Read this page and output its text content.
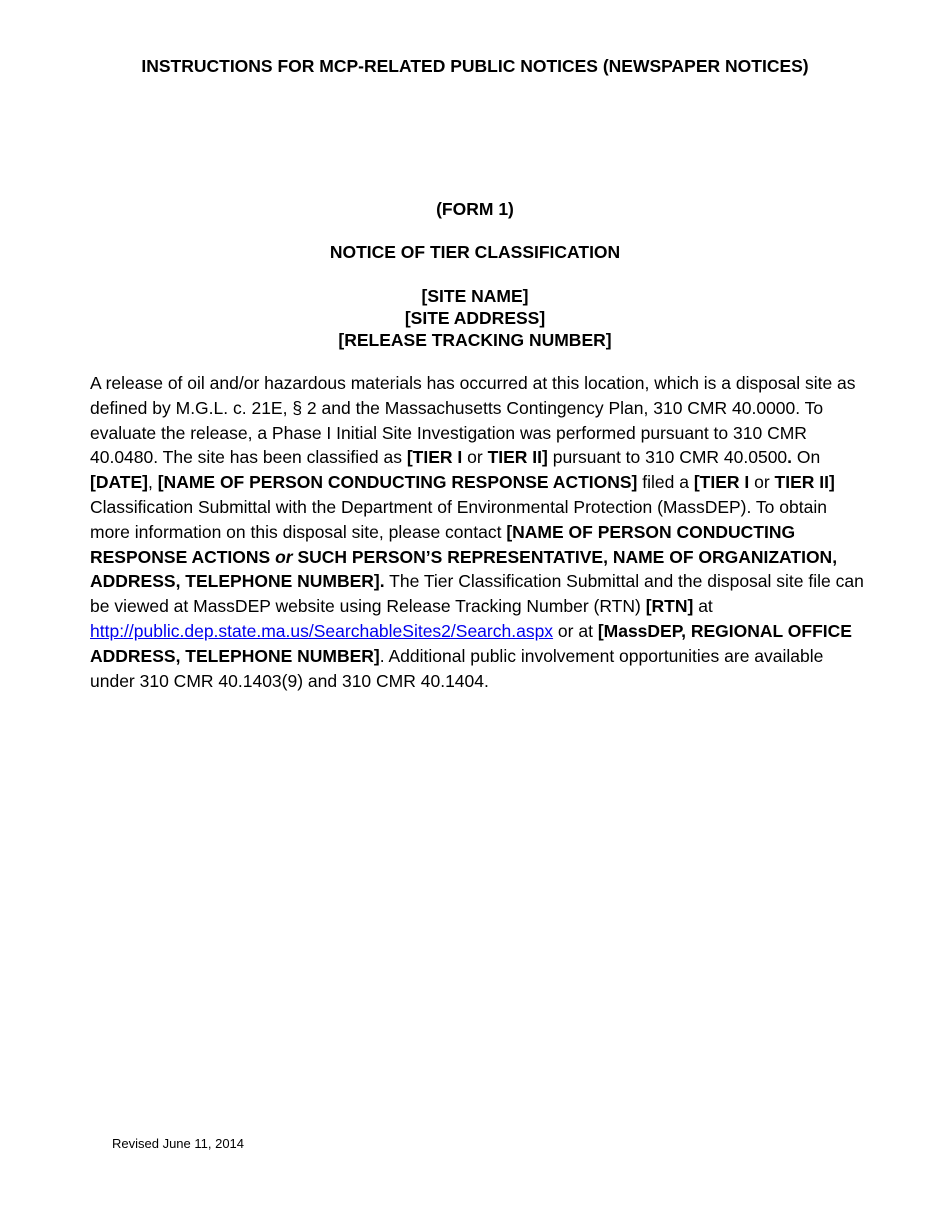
INSTRUCTIONS FOR MCP-RELATED PUBLIC NOTICES (NEWSPAPER NOTICES)

(FORM 1)

NOTICE OF TIER CLASSIFICATION

[SITE NAME]
[SITE ADDRESS]
[RELEASE TRACKING NUMBER]

A release of oil and/or hazardous materials has occurred at this location, which is a disposal site as defined by M.G.L. c. 21E, § 2 and the Massachusetts Contingency Plan, 310 CMR 40.0000. To evaluate the release, a Phase I Initial Site Investigation was performed pursuant to 310 CMR 40.0480. The site has been classified as [TIER I or TIER II] pursuant to 310 CMR 40.0500. On [DATE], [NAME OF PERSON CONDUCTING RESPONSE ACTIONS] filed a [TIER I or TIER II] Classification Submittal with the Department of Environmental Protection (MassDEP). To obtain more information on this disposal site, please contact [NAME OF PERSON CONDUCTING RESPONSE ACTIONS or SUCH PERSON’S REPRESENTATIVE, NAME OF ORGANIZATION, ADDRESS, TELEPHONE NUMBER]. The Tier Classification Submittal and the disposal site file can be viewed at MassDEP website using Release Tracking Number (RTN) [RTN] at http://public.dep.state.ma.us/SearchableSites2/Search.aspx or at [MassDEP, REGIONAL OFFICE ADDRESS, TELEPHONE NUMBER]. Additional public involvement opportunities are available under 310 CMR 40.1403(9) and 310 CMR 40.1404.

Revised June 11, 2014
